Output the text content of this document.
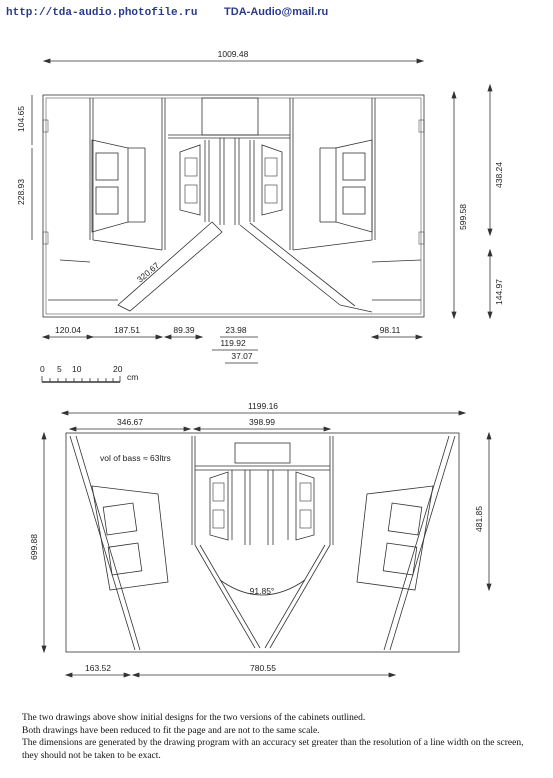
http://tda-audio.photofile.ru TDA-Audio@mail.ru
1009.48
104.65
228.93
599.58
438.24
144.97
320.67
120.04	187.51	89.39	23.98
119.92
37.07
98.11
0 5 10	20
cm
1199.16
346.67	398.99
91.85°
vol of bass ≈ 63ltrs
699.88
481.85
163.52	780.55

The two drawings above show initial designs for the two versions of the cabinets outlined.

Both drawings have been reduced to fit the page and are not to the same scale.

The dimensions are generated by the drawing program with an accuracy set greater than the resolution of a line width on the screen, they should not be taken to be exact.
